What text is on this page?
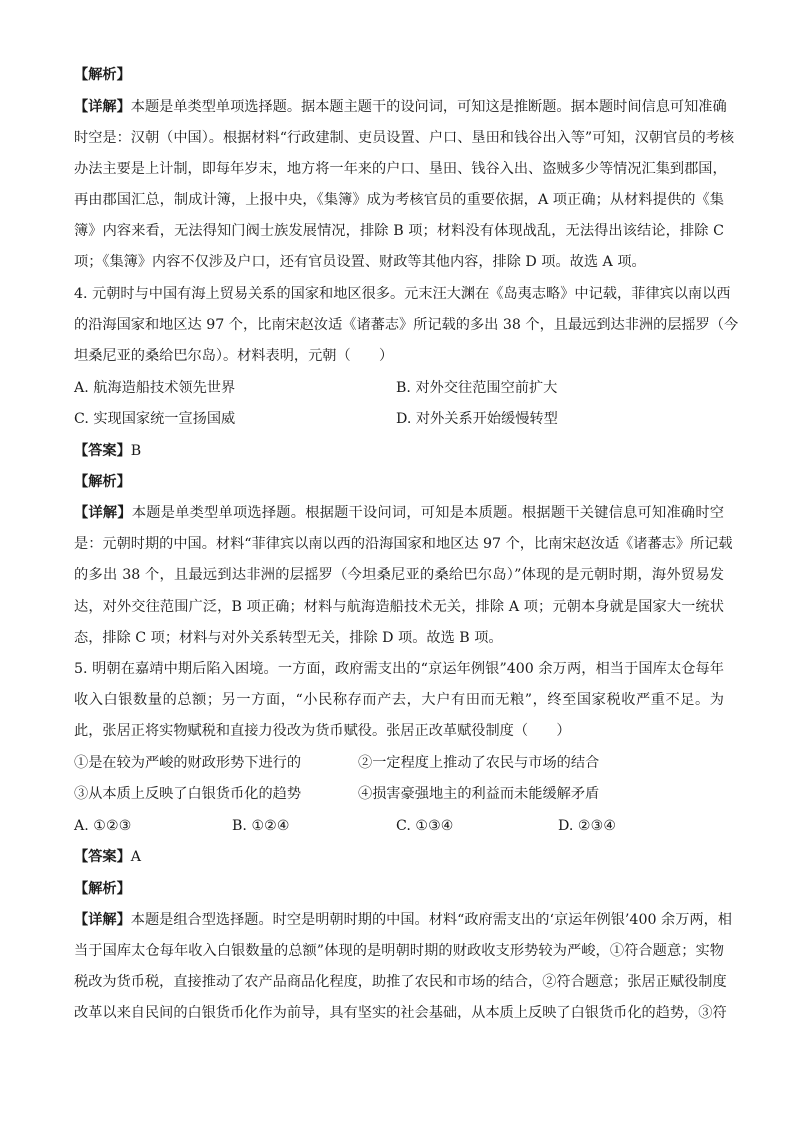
【解析】
【详解】本题是单类型单项选择题。据本题主题干的设问词，可知这是推断题。据本题时间信息可知准确
时空是：汉朝（中国）。根据材料“行政建制、吏员设置、户口、垦田和钱谷出入等”可知，汉朝官员的考核
办法主要是上计制，即每年岁末，地方将一年来的户口、垦田、钱谷入出、盗贼多少等情况汇集到郡国，
再由郡国汇总，制成计簿，上报中央，《集簿》成为考核官员的重要依据，A 项正确；从材料提供的《集
簿》内容来看，无法得知门阀士族发展情况，排除 B 项；材料没有体现战乱，无法得出该结论，排除 C
项；《集簿》内容不仅涉及户口，还有官员设置、财政等其他内容，排除 D 项。故选 A 项。
4. 元朝时与中国有海上贸易关系的国家和地区很多。元末汪大渊在《岛夷志略》中记载，菲律宾以南以西
的沿海国家和地区达 97 个，比南宋赵汝适《诸蕃志》所记载的多出 38 个，且最远到达非洲的层摇罗（今
坦桑尼亚的桑给巴尔岛）。材料表明，元朝（　　）
A. 航海造船技术领先世界	B. 对外交往范围空前扩大
C. 实现国家统一宣扬国威	D. 对外关系开始缓慢转型
【答案】B
【解析】
【详解】本题是单类型单项选择题。根据题干设问词，可知是本质题。根据题干关键信息可知准确时空
是：元朝时期的中国。材料“菲律宾以南以西的沿海国家和地区达 97 个，比南宋赵汝适《诸蕃志》所记载
的多出 38 个，且最远到达非洲的层摇罗（今坦桑尼亚的桑给巴尔岛）”体现的是元朝时期，海外贸易发
达，对外交往范围广泛，B 项正确；材料与航海造船技术无关，排除 A 项；元朝本身就是国家大一统状
态，排除 C 项；材料与对外关系转型无关，排除 D 项。故选 B 项。
5. 明朝在嘉靖中期后陷入困境。一方面，政府需支出的“京运年例银”400 余万两，相当于国库太仓每年
收入白银数量的总额；另一方面，“小民称存而产去，大户有田而无粮”，终至国家税收严重不足。为
此，张居正将实物赋税和直接力役改为货币赋役。张居正改革赋役制度（　　）
①是在较为严峻的财政形势下进行的	②一定程度上推动了农民与市场的结合
③从本质上反映了白银货币化的趋势	④损害豪强地主的利益而未能缓解矛盾
A. ①②③	B. ①②④	C. ①③④	D. ②③④
【答案】A
【解析】
【详解】本题是组合型选择题。时空是明朝时期的中国。材料“政府需支出的‘京运年例银’400 余万两，相
当于国库太仓每年收入白银数量的总额”体现的是明朝时期的财政收支形势较为严峻，①符合题意；实物
税改为货币税，直接推动了农产品商品化程度，助推了农民和市场的结合，②符合题意；张居正赋役制度
改革以来自民间的白银货币化作为前导，具有坚实的社会基础，从本质上反映了白银货币化的趋势，③符
